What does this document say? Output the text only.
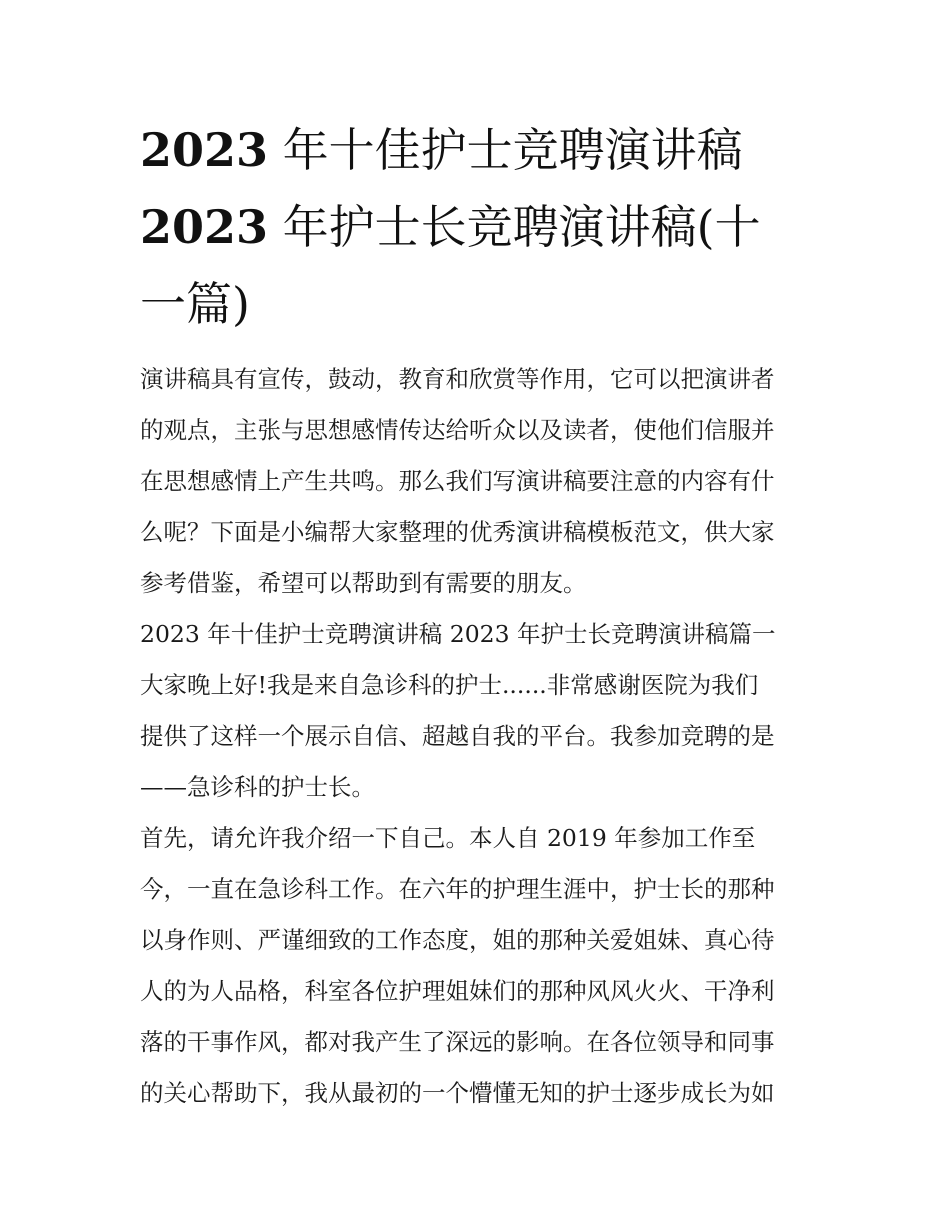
2023 年十佳护士竞聘演讲稿
2023 年护士长竞聘演讲稿(十
一篇)

演讲稿具有宣传，鼓动，教育和欣赏等作用，它可以把演讲者
的观点，主张与思想感情传达给听众以及读者，使他们信服并
在思想感情上产生共鸣。那么我们写演讲稿要注意的内容有什
么呢？下面是小编帮大家整理的优秀演讲稿模板范文，供大家
参考借鉴，希望可以帮助到有需要的朋友。

2023 年十佳护士竞聘演讲稿 2023 年护士长竞聘演讲稿篇一

大家晚上好!我是来自急诊科的护士......非常感谢医院为我们
提供了这样一个展示自信、超越自我的平台。我参加竞聘的是
——急诊科的护士长。

首先，请允许我介绍一下自己。本人自 2019 年参加工作至
今，一直在急诊科工作。在六年的护理生涯中，护士长的那种
以身作则、严谨细致的工作态度，姐的那种关爱姐妹、真心待
人的为人品格，科室各位护理姐妹们的那种风风火火、干净利
落的干事作风，都对我产生了深远的影响。在各位领导和同事
的关心帮助下，我从最初的一个懵懂无知的护士逐步成长为如
